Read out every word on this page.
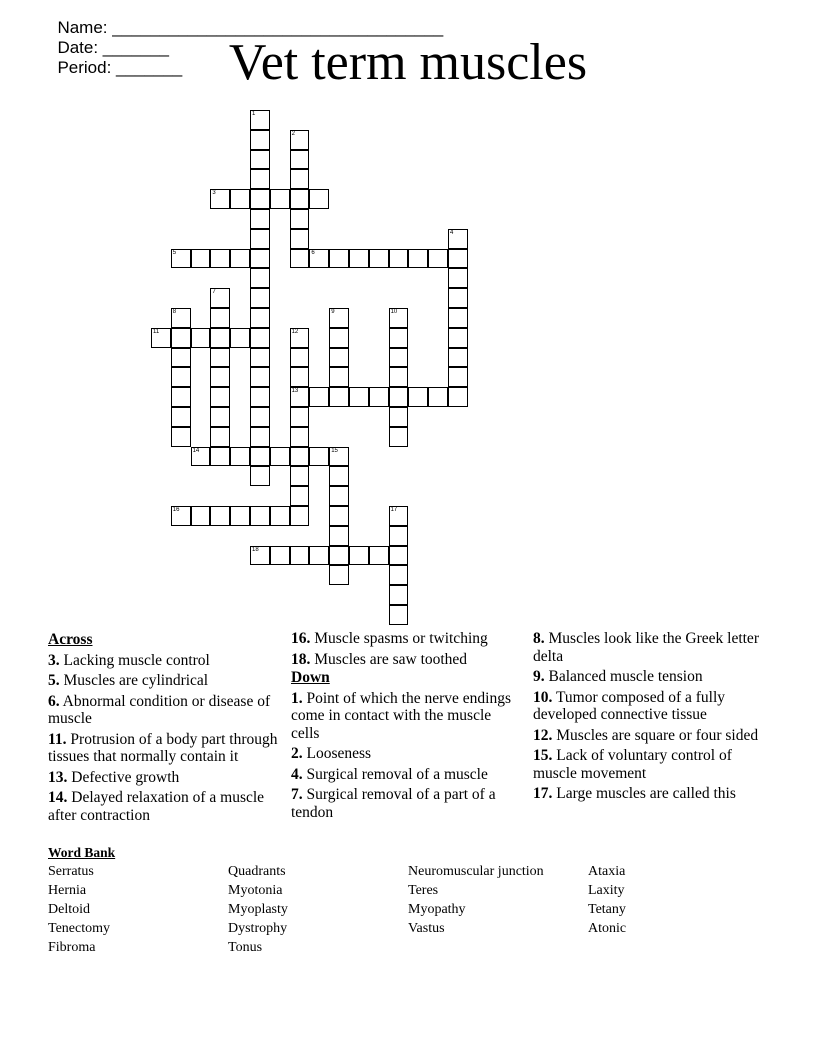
Name: ___________________________________
Date: _______
Period: _______ Vet term muscles
1
2
3
4
5	6
7
8	9	10
11	12
13
14	15
16	17
18
Across
3. Lacking muscle control
5. Muscles are cylindrical
6. Abnormal condition or disease of muscle
11. Protrusion of a body part through tissues that normally contain it
13. Defective growth
14. Delayed relaxation of a muscle after contraction
16. Muscle spasms or twitching
18. Muscles are saw toothed
Down
1. Point of which the nerve endings come in contact with the muscle cells
2. Looseness
4. Surgical removal of a muscle
7. Surgical removal of a part of a tendon
8. Muscles look like the Greek letter delta
9. Balanced muscle tension
10. Tumor composed of a fully developed connective tissue
12. Muscles are square or four sided
15. Lack of voluntary control of muscle movement
17. Large muscles are called this
Word Bank
Serratus	Quadrants	Neuromuscular junction	Ataxia
Hernia	Myotonia	Teres	Laxity
Deltoid	Myoplasty	Myopathy	Tetany
Tenectomy	Dystrophy	Vastus	Atonic
Fibroma	Tonus
